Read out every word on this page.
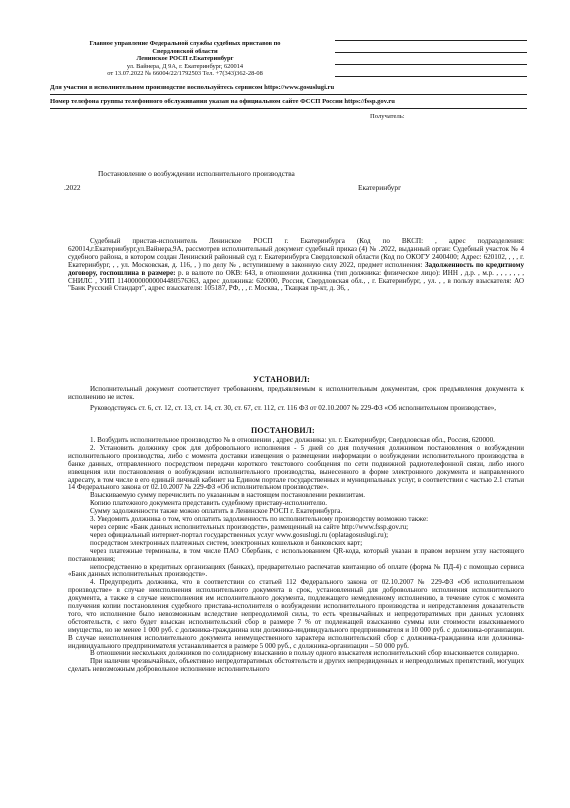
Главное управление Федеральной службы судебных приставов по
Свердловской области
Ленинское РОСП г.Екатеринбург
ул. Вайнера, Д 9А, г. Екатеринбург, 620014
от 13.07.2022 № 66004/22/1792503 Тел. +7(343)362-28-08
Для участия в исполнительном производстве воспользуйтесь сервисом https://www.gosuslugi.ru
Номер телефона группы телефонного обслуживания указан на официальном сайте ФССП России https://fssp.gov.ru
Получатель:
Постановление о возбуждении исполнительного производства
.2022	Екатеринбург

Судебный пристав-исполнитель Ленинское РОСП г. Екатеринбурга (Код по ВКСП: , адрес подразделения: 620014,г.Екатеринбург,ул.Вайнера,9А, рассмотрев исполнительный документ судебный приказ (4) № .2022, выданный орган: Судебный участок № 4 судебного района, в котором создан Ленинский районный суд г. Екатеринбурга Свердловской области (Код по ОКОГУ 2400400; Адрес: 620102, , , , г. Екатеринбург, , , ул. Московская, д. 116, , ) по делу № , вступившему в законную силу 2022, предмет исполнения: Задолженность по кредитному договору, госпошлина в размере: р. в валюте по ОКВ: 643, в отношении должника (тип должника: физическое лицо): ИНН , д.р. , м.р. , , , , , , , СНИЛС , УИП 11400000000004480576363, адрес должника: 620000, Россия, Свердловская обл., , г. Екатеринбург, , ул. , , в пользу взыскателя: АО "Банк Русский Стандарт", адрес взыскателя: 105187, РФ, , , г. Москва, , Ткацкая пр-кт, д. 36, ,

УСТАНОВИЛ:

Исполнительный документ соответствует требованиям, предъявляемым к исполнительным документам, срок предъявления документа к исполнению не истек.

Руководствуясь ст. 6, ст. 12, ст. 13, ст. 14, ст. 30, ст. 67, ст. 112, ст. 116 ФЗ от 02.10.2007 № 229-ФЗ «Об исполнительном производстве»,

ПОСТАНОВИЛ:

1. Возбудить исполнительное производство № в отношении , адрес должника: ул. г. Екатеринбург, Свердловская обл., Россия, 620000.

2. Установить должнику срок для добровольного исполнения - 5 дней со дня получения должником постановления о возбуждении исполнительного производства, либо с момента доставки извещения о размещении информации о возбуждении исполнительного производства в банке данных, отправленного посредством передачи короткого текстового сообщения по сети подвижной радиотелефонной связи, либо иного извещения или постановления о возбуждении исполнительного производства, вынесенного в форме электронного документа и направленного адресату, в том числе в его единый личный кабинет на Едином портале государственных и муниципальных услуг, в соответствии с частью 2.1 статьи 14 Федерального закона от 02.10.2007 № 229-ФЗ «Об исполнительном производстве».

Взыскиваемую сумму перечислить по указанным в настоящем постановлении реквизитам.

Копию платежного документа представить судебному приставу-исполнителю.

Сумму задолженности также можно оплатить в Ленинское РОСП г. Екатеринбурга.

3. Уведомить должника о том, что оплатить задолженность по исполнительному производству возможно также:

через сервис «Банк данных исполнительных производств», размещенный на сайте http://www.fssp.gov.ru;

через официальный интернет-портал государственных услуг www.gosuslugi.ru (oplatagosuslugi.ru);

посредством электронных платежных систем, электронных кошельков и банковских карт;

через платежные терминалы, в том числе ПАО Сбербанк, с использованием QR-кода, который указан в правом верхнем углу настоящего постановления;

непосредственно в кредитных организациях (банках), предварительно распечатав квитанцию об оплате (форма № ПД-4) с помощью сервиса «Банк данных исполнительных производств».

4. Предупредить должника, что в соответствии со статьей 112 Федерального закона от 02.10.2007 № 229-ФЗ «Об исполнительном производстве» в случае неисполнения исполнительного документа в срок, установленный для добровольного исполнения исполнительного документа, а также в случае неисполнения им исполнительного документа, подлежащего немедленному исполнению, в течение суток с момента получения копии постановления судебного пристава-исполнителя о возбуждении исполнительного производства и непредставления доказательств того, что исполнение было невозможным вследствие непреодолимой силы, то есть чрезвычайных и непредотвратимых при данных условиях обстоятельств, с него будет взыскан исполнительский сбор в размере 7 % от подлежащей взысканию суммы или стоимости взыскиваемого имущества, но не менее 1 000 руб. с должника-гражданина или должника-индивидуального предпринимателя и 10 000 руб. с должника-организации. В случае неисполнения исполнительного документа неимущественного характера исполнительский сбор с должника-гражданина или должника-индивидуального предпринимателя устанавливается в размере 5 000 руб., с должника-организации – 50 000 руб.

В отношении нескольких должников по солидарному взысканию в пользу одного взыскателя исполнительский сбор взыскивается солидарно.

При наличии чрезвычайных, объективно непредотвратимых обстоятельств и других непредвиденных и непреодолимых препятствий, могущих сделать невозможным добровольное исполнение исполнительного
